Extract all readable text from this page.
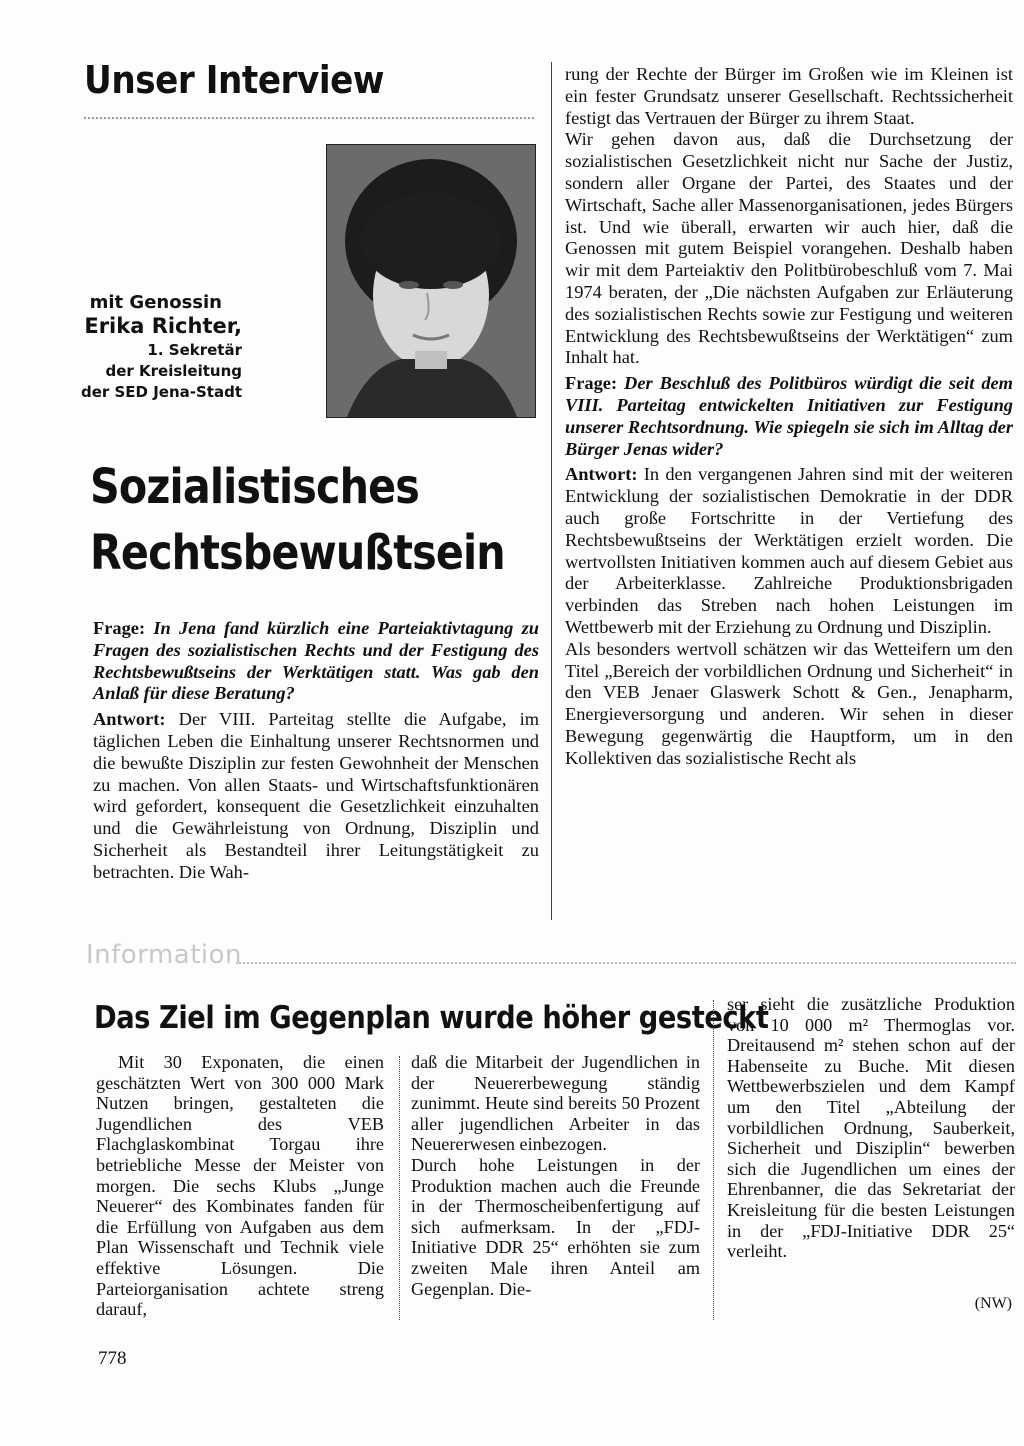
Unser Interview
mit Genossin
Erika Richter,
1. Sekretär
der Kreisleitung
der SED Jena-Stadt
Sozialistisches
Rechtsbewußtsein

Frage: In Jena fand kürzlich eine Parteiaktivtagung zu Fragen des sozialistischen Rechts und der Festigung des Rechtsbewußtseins der Werktätigen statt. Was gab den Anlaß für diese Beratung?

Antwort: Der VIII. Parteitag stellte die Aufgabe, im täglichen Leben die Einhaltung unserer Rechtsnormen und die bewußte Disziplin zur festen Gewohnheit der Menschen zu machen. Von allen Staats- und Wirtschaftsfunktionären wird gefordert, konsequent die Gesetzlichkeit einzuhalten und die Gewährleistung von Ordnung, Disziplin und Sicherheit als Bestandteil ihrer Leitungstätigkeit zu betrachten. Die Wah-

rung der Rechte der Bürger im Großen wie im Kleinen ist ein fester Grundsatz unserer Gesellschaft. Rechtssicherheit festigt das Vertrauen der Bürger zu ihrem Staat.

Wir gehen davon aus, daß die Durchsetzung der sozialistischen Gesetzlichkeit nicht nur Sache der Justiz, sondern aller Organe der Partei, des Staates und der Wirtschaft, Sache aller Massenorganisationen, jedes Bürgers ist. Und wie überall, erwarten wir auch hier, daß die Genossen mit gutem Beispiel vorangehen. Deshalb haben wir mit dem Parteiaktiv den Politbürobeschluß vom 7. Mai 1974 beraten, der „Die nächsten Aufgaben zur Erläuterung des sozialistischen Rechts sowie zur Festigung und weiteren Entwicklung des Rechtsbewußtseins der Werktätigen“ zum Inhalt hat.

Frage: Der Beschluß des Politbüros würdigt die seit dem VIII. Parteitag entwickelten Initiativen zur Festigung unserer Rechtsordnung. Wie spiegeln sie sich im Alltag der Bürger Jenas wider?

Antwort: In den vergangenen Jahren sind mit der weiteren Entwicklung der sozialistischen Demokratie in der DDR auch große Fortschritte in der Vertiefung des Rechtsbewußtseins der Werktätigen erzielt worden. Die wertvollsten Initiativen kommen auch auf diesem Gebiet aus der Arbeiterklasse. Zahlreiche Produktionsbrigaden verbinden das Streben nach hohen Leistungen im Wettbewerb mit der Erziehung zu Ordnung und Disziplin.

Als besonders wertvoll schätzen wir das Wetteifern um den Titel „Bereich der vorbildlichen Ordnung und Sicherheit“ in den VEB Jenaer Glaswerk Schott & Gen., Jenapharm, Energieversorgung und anderen. Wir sehen in dieser Bewegung gegenwärtig die Hauptform, um in den Kollektiven das sozialistische Recht als

Information
Das Ziel im Gegenplan wurde höher gesteckt

Mit 30 Exponaten, die einen geschätzten Wert von 300 000 Mark Nutzen bringen, gestalteten die Jugendlichen des VEB Flachglaskombinat Torgau ihre betriebliche Messe der Meister von morgen. Die sechs Klubs „Junge Neuerer“ des Kombinates fanden für die Erfüllung von Aufgaben aus dem Plan Wissenschaft und Technik viele effektive Lösungen. Die Parteiorganisation achtete streng darauf,

daß die Mitarbeit der Jugendlichen in der Neuererbewegung ständig zunimmt. Heute sind bereits 50 Prozent aller jugendlichen Arbeiter in das Neuererwesen einbezogen.

Durch hohe Leistungen in der Produktion machen auch die Freunde in der Thermoscheibenfertigung auf sich aufmerksam. In der „FDJ-Initiative DDR 25“ erhöhten sie zum zweiten Male ihren Anteil am Gegenplan. Die-

ser sieht die zusätzliche Produktion von 10 000 m² Thermoglas vor. Dreitausend m² stehen schon auf der Habenseite zu Buche. Mit diesen Wettbewerbszielen und dem Kampf um den Titel „Abteilung der vorbildlichen Ordnung, Sauberkeit, Sicherheit und Disziplin“ bewerben sich die Jugendlichen um eines der Ehrenbanner, die das Sekretariat der Kreisleitung für die besten Leistungen in der „FDJ-Initiative DDR 25“ verleiht.

(NW)
778
